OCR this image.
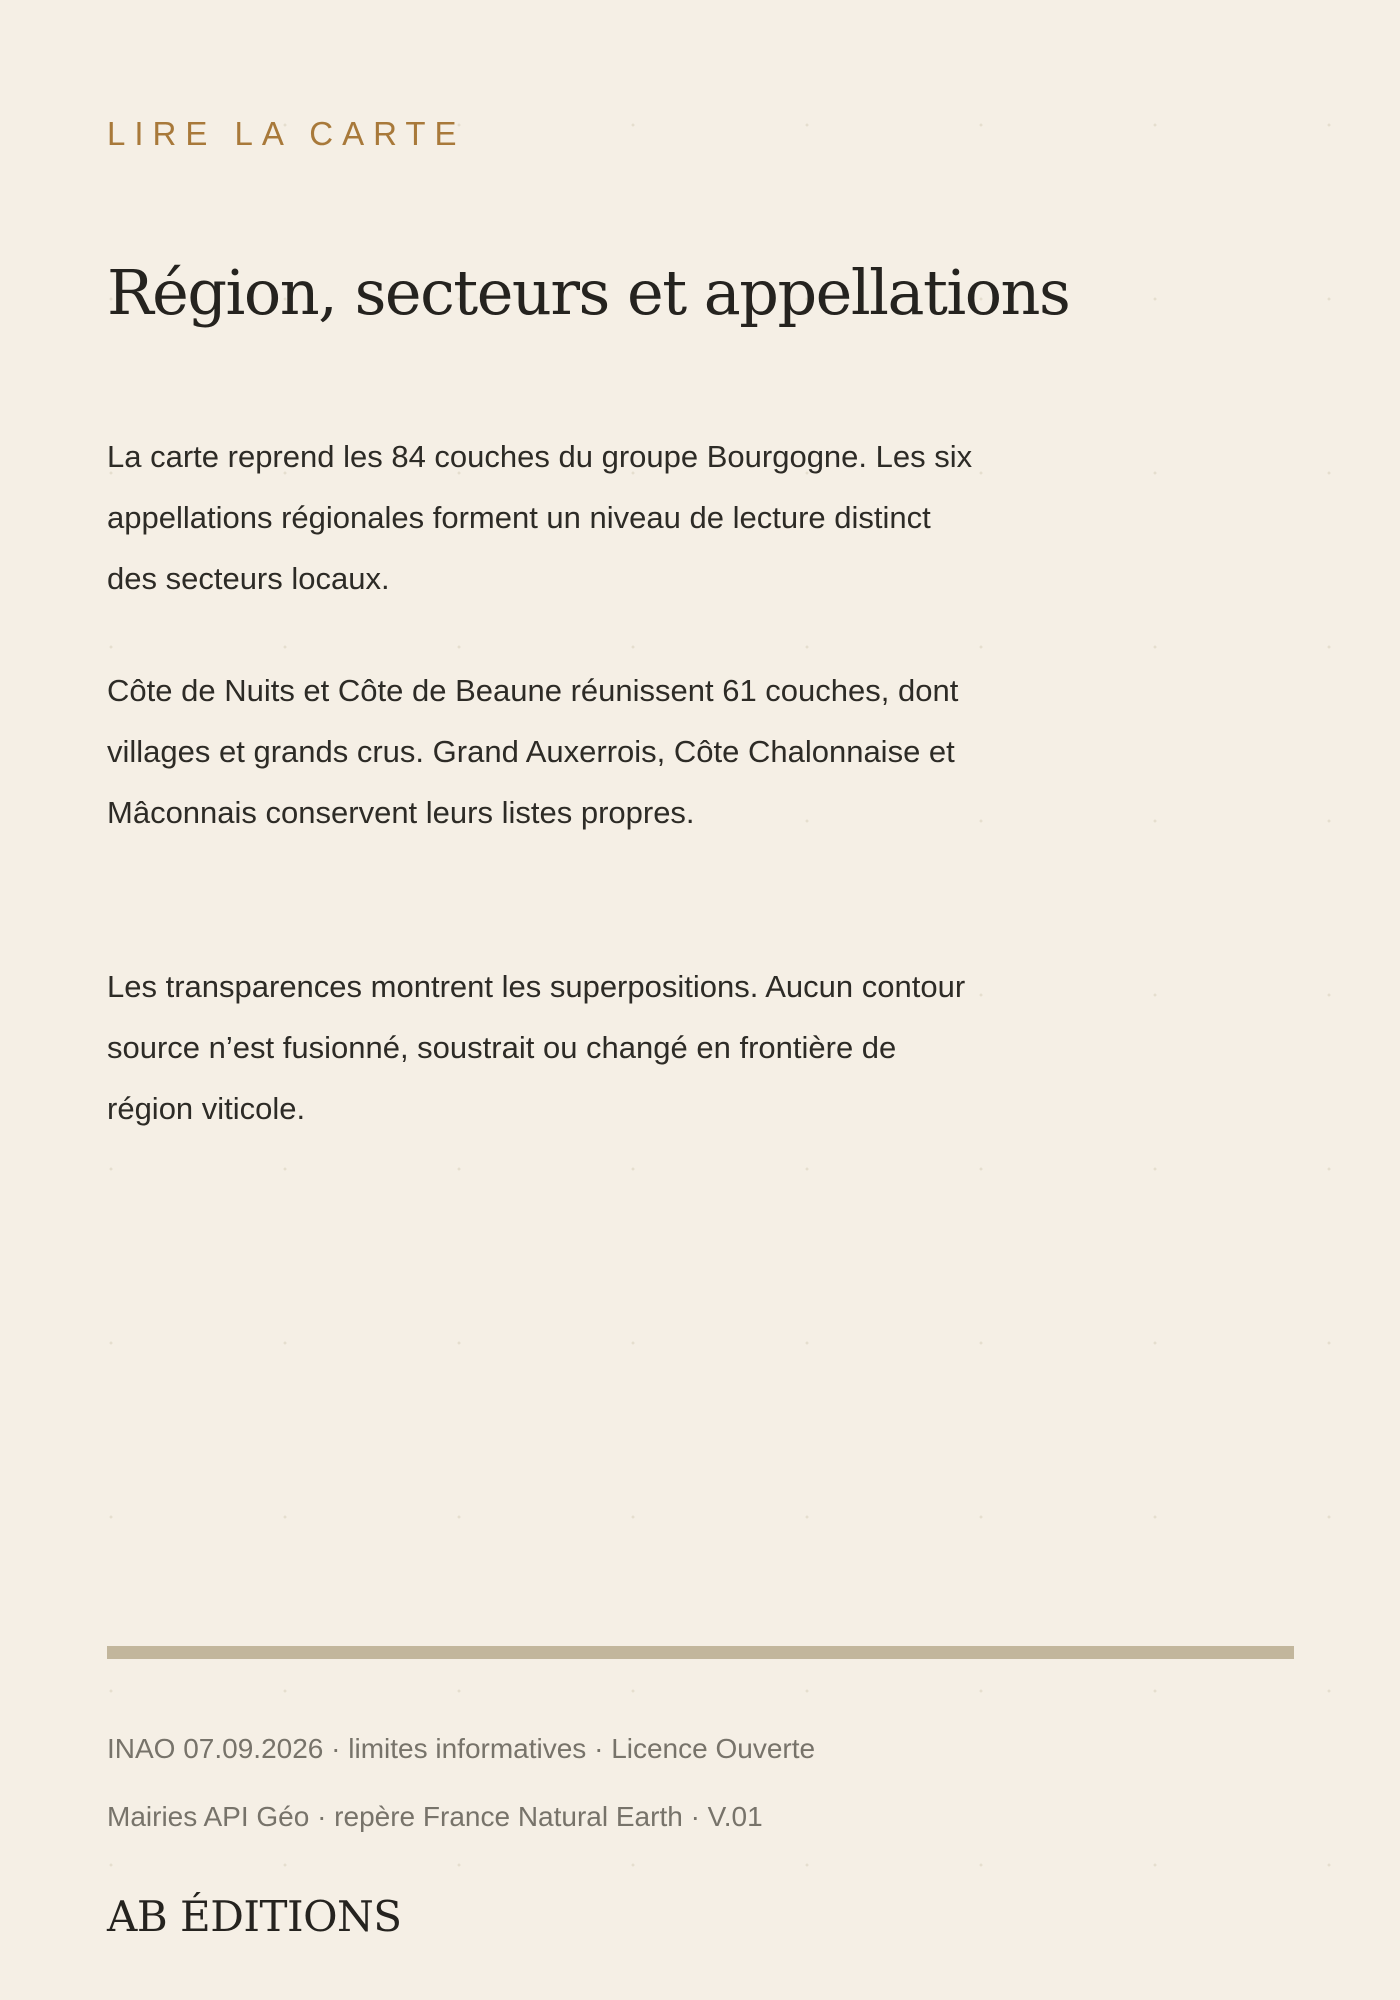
LIRE LA CARTE

Région, secteurs et appellations

La carte reprend les 84 couches du groupe Bourgogne. Les six appellations régionales forment un niveau de lecture distinct des secteurs locaux.

Côte de Nuits et Côte de Beaune réunissent 61 couches, dont villages et grands crus. Grand Auxerrois, Côte Chalonnaise et Mâconnais conservent leurs listes propres.

Les transparences montrent les superpositions. Aucun contour source n’est fusionné, soustrait ou changé en frontière de région viticole.

INAO 07.09.2026 · limites informatives · Licence Ouverte

Mairies API Géo · repère France Natural Earth · V.01

AB ÉDITIONS
